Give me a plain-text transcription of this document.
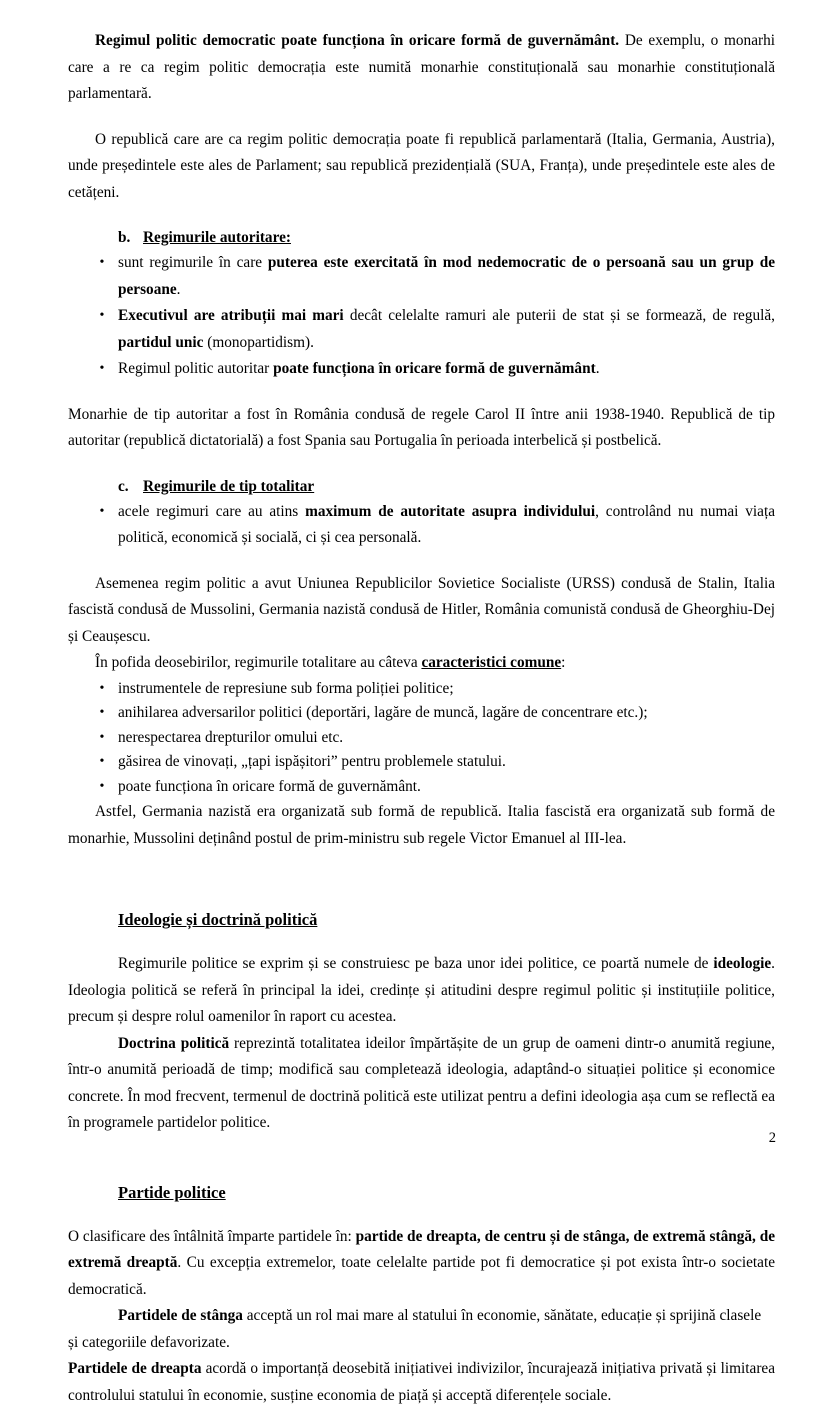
Regimul politic democratic poate funcționa în oricare formă de guvernământ. De exemplu, o monarhi care a re ca regim politic democrația este numită monarhie constituțională sau monarhie constituțională parlamentară.

O republică care are ca regim politic democrația poate fi republică parlamentară (Italia, Germania, Austria), unde președintele este ales de Parlament; sau republică prezidențială (SUA, Franța), unde președintele este ales de cetățeni.

b. Regimurile autoritare:
• sunt regimurile în care puterea este exercitată în mod nedemocratic de o persoană sau un grup de persoane.
• Executivul are atribuții mai mari decât celelalte ramuri ale puterii de stat și se formează, de regulă, partidul unic (monopartidism).
• Regimul politic autoritar poate funcționa în oricare formă de guvernământ.

Monarhie de tip autoritar a fost în România condusă de regele Carol II între anii 1938-1940. Republică de tip autoritar (republică dictatorială) a fost Spania sau Portugalia în perioada interbelică și postbelică.

c. Regimurile de tip totalitar
• acele regimuri care au atins maximum de autoritate asupra individului, controlând nu numai viața politică, economică și socială, ci și cea personală.

Asemenea regim politic a avut Uniunea Republicilor Sovietice Socialiste (URSS) condusă de Stalin, Italia fascistă condusă de Mussolini, Germania nazistă condusă de Hitler, România comunistă condusă de Gheorghiu-Dej și Ceaușescu.

În pofida deosebirilor, regimurile totalitare au câteva caracteristici comune:

• instrumentele de represiune sub forma poliției politice;
• anihilarea adversarilor politici (deportări, lagăre de muncă, lagăre de concentrare etc.);
• nerespectarea drepturilor omului etc.
• găsirea de vinovați, „țapi ispășitori” pentru problemele statului.
• poate funcționa în oricare formă de guvernământ.

Astfel, Germania nazistă era organizată sub formă de republică. Italia fascistă era organizată sub formă de monarhie, Mussolini deținând postul de prim-ministru sub regele Victor Emanuel al III-lea.

Ideologie și doctrină politică

Regimurile politice se exprim și se construiesc pe baza unor idei politice, ce poartă numele de ideologie. Ideologia politică se referă în principal la idei, credințe și atitudini despre regimul politic și instituțiile politice, precum și despre rolul oamenilor în raport cu acestea.

Doctrina politică reprezintă totalitatea ideilor împărtășite de un grup de oameni dintr-o anumită regiune, într-o anumită perioadă de timp; modifică sau completează ideologia, adaptând-o situației politice și economice concrete. În mod frecvent, termenul de doctrină politică este utilizat pentru a defini ideologia așa cum se reflectă ea în programele partidelor politice.

Partide politice

O clasificare des întâlnită împarte partidele în: partide de dreapta, de centru și de stânga, de extremă stângă, de extremă dreaptă. Cu excepția extremelor, toate celelalte partide pot fi democratice și pot exista într-o societate democratică.

Partidele de stânga acceptă un rol mai mare al statului în economie, sănătate, educație și sprijină clasele și categoriile defavorizate.

Partidele de dreapta acordă o importanță deosebită inițiativei indivizilor, încurajează inițiativa privată și limitarea controlului statului în economie, susține economia de piață și acceptă diferențele sociale.

2
